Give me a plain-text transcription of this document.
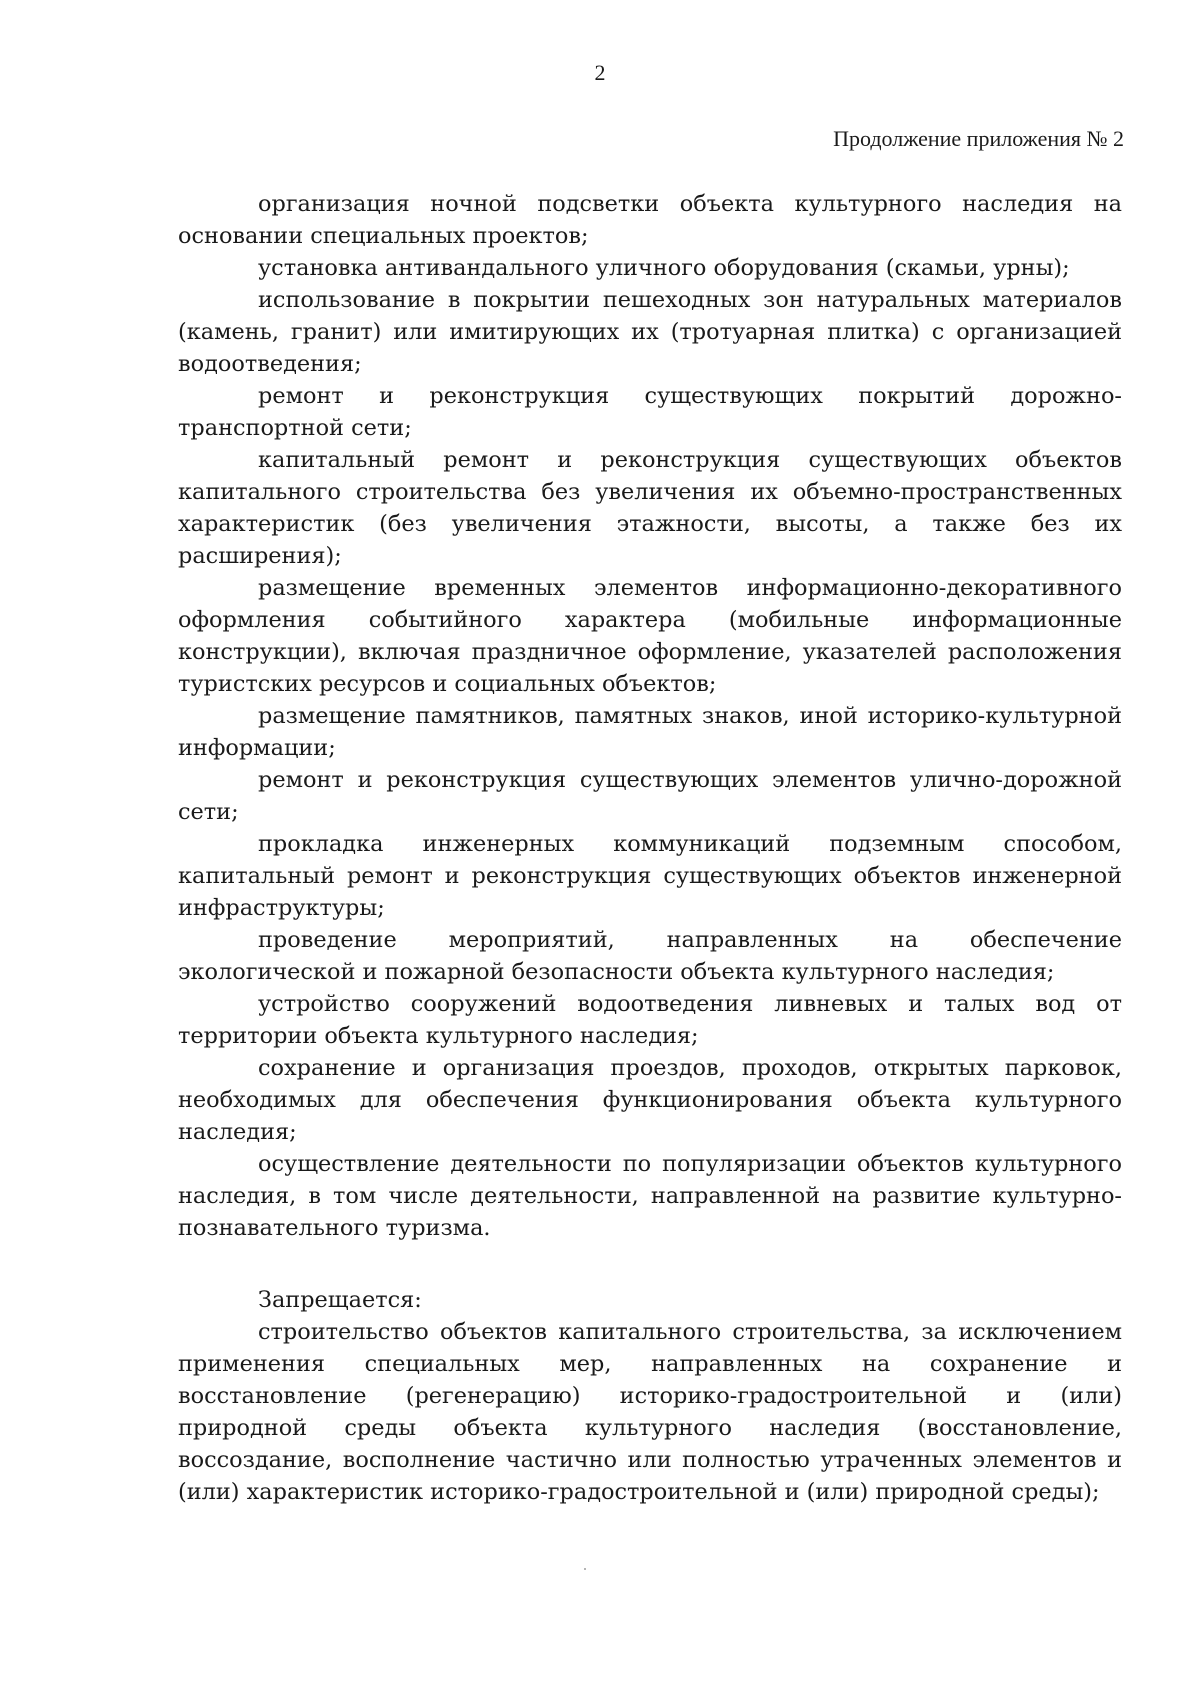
2
Продолжение приложения № 2

организация ночной подсветки объекта культурного наследия на основании специальных проектов;

установка антивандального уличного оборудования (скамьи, урны);

использование в покрытии пешеходных зон натуральных материалов (камень, гранит) или имитирующих их (тротуарная плитка) с организацией водоотведения;

ремонт и реконструкция существующих покрытий дорожно-транспортной сети;

капитальный ремонт и реконструкция существующих объектов капитального строительства без увеличения их объемно-пространственных характеристик (без увеличения этажности, высоты, а также без их расширения);

размещение временных элементов информационно-декоративного оформления событийного характера (мобильные информационные конструкции), включая праздничное оформление, указателей расположения туристских ресурсов и социальных объектов;

размещение памятников, памятных знаков, иной историко-культурной информации;

ремонт и реконструкция существующих элементов улично-дорожной сети;

прокладка инженерных коммуникаций подземным способом, капитальный ремонт и реконструкция существующих объектов инженерной инфраструктуры;

проведение мероприятий, направленных на обеспечение экологической и пожарной безопасности объекта культурного наследия;

устройство сооружений водоотведения ливневых и талых вод от территории объекта культурного наследия;

сохранение и организация проездов, проходов, открытых парковок, необходимых для обеспечения функционирования объекта культурного наследия;

осуществление деятельности по популяризации объектов культурного наследия, в том числе деятельности, направленной на развитие культурно-познавательного туризма.

Запрещается:

строительство объектов капитального строительства, за исключением применения специальных мер, направленных на сохранение и восстановление (регенерацию) историко-градостроительной и (или) природной среды объекта культурного наследия (восстановление, воссоздание, восполнение частично или полностью утраченных элементов и (или) характеристик историко-градостроительной и (или) природной среды);
